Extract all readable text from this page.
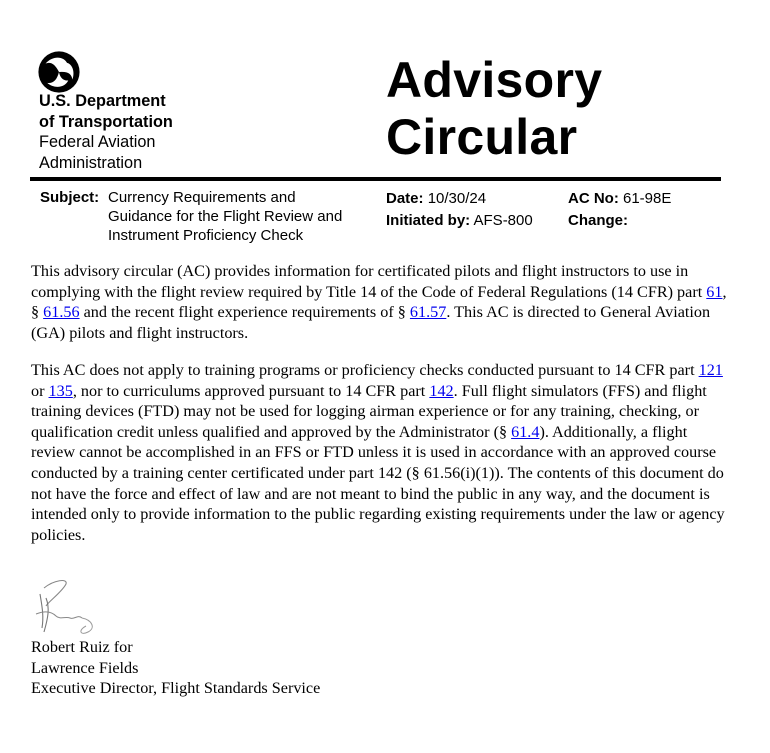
U.S. Department
of Transportation
Federal Aviation
Administration
Advisory
Circular
Subject: Currency Requirements and
Guidance for the Flight Review and
Instrument Proficiency Check
Date: 10/30/24
Initiated by: AFS-800
AC No: 61-98E
Change:

This advisory circular (AC) provides information for certificated pilots and flight instructors to use in complying with the flight review required by Title 14 of the Code of Federal Regulations (14 CFR) part 61, § 61.56 and the recent flight experience requirements of § 61.57. This AC is directed to General Aviation (GA) pilots and flight instructors.

This AC does not apply to training programs or proficiency checks conducted pursuant to 14 CFR part 121 or 135, nor to curriculums approved pursuant to 14 CFR part 142. Full flight simulators (FFS) and flight training devices (FTD) may not be used for logging airman experience or for any training, checking, or qualification credit unless qualified and approved by the Administrator (§ 61.4). Additionally, a flight review cannot be accomplished in an FFS or FTD unless it is used in accordance with an approved course conducted by a training center certificated under part 142 (§ 61.56(i)(1)). The contents of this document do not have the force and effect of law and are not meant to bind the public in any way, and the document is intended only to provide information to the public regarding existing requirements under the law or agency policies.

Robert Ruiz for
Lawrence Fields
Executive Director, Flight Standards Service
